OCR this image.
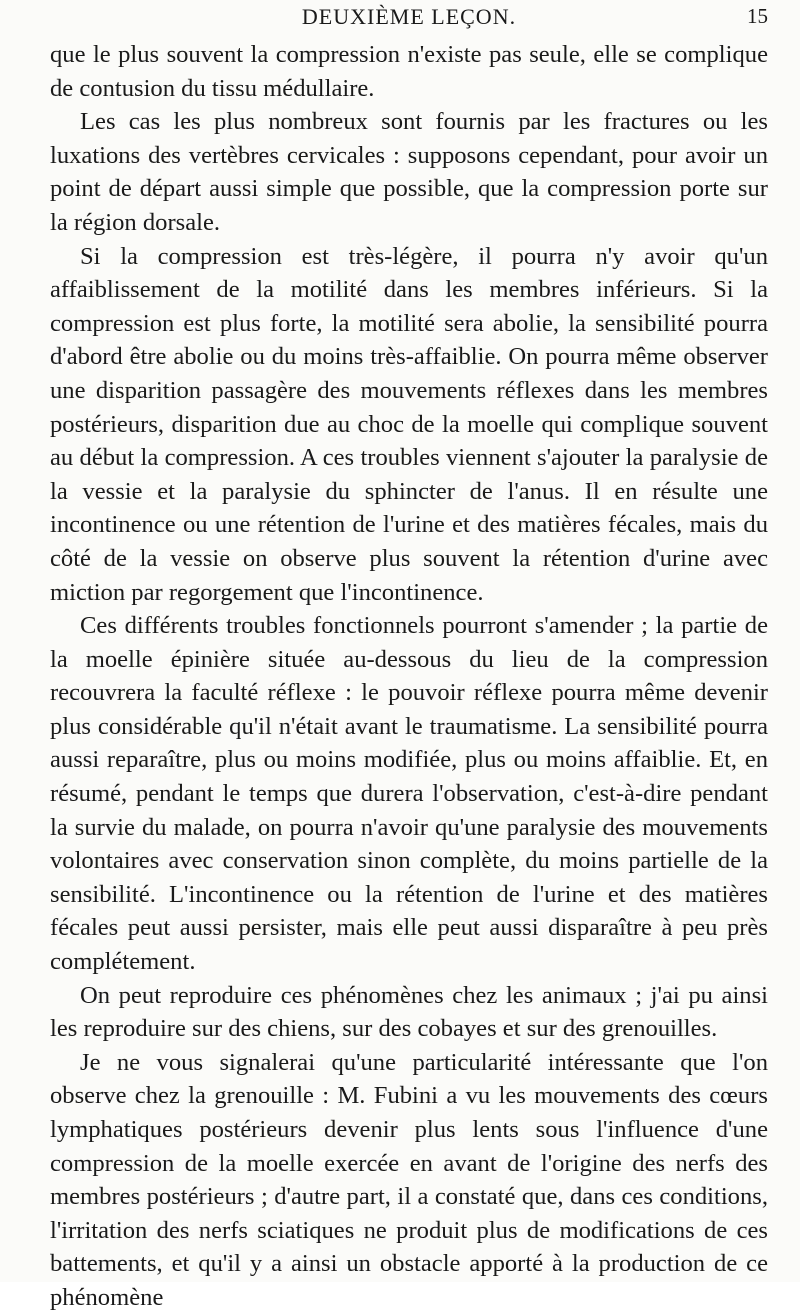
DEUXIÈME LEÇON.	15

que le plus souvent la compression n'existe pas seule, elle se complique de contusion du tissu médullaire.

Les cas les plus nombreux sont fournis par les fractures ou les luxations des vertèbres cervicales : supposons cependant, pour avoir un point de départ aussi simple que possible, que la compression porte sur la région dorsale.

Si la compression est très-légère, il pourra n'y avoir qu'un affaiblissement de la motilité dans les membres inférieurs. Si la compression est plus forte, la motilité sera abolie, la sensibilité pourra d'abord être abolie ou du moins très-affaiblie. On pourra même observer une disparition passagère des mouvements réflexes dans les membres postérieurs, disparition due au choc de la moelle qui complique souvent au début la compression. A ces troubles viennent s'ajouter la paralysie de la vessie et la paralysie du sphincter de l'anus. Il en résulte une incontinence ou une rétention de l'urine et des matières fécales, mais du côté de la vessie on observe plus souvent la rétention d'urine avec miction par regorgement que l'incontinence.

Ces différents troubles fonctionnels pourront s'amender ; la partie de la moelle épinière située au-dessous du lieu de la compression recouvrera la faculté réflexe : le pouvoir réflexe pourra même devenir plus considérable qu'il n'était avant le traumatisme. La sensibilité pourra aussi reparaître, plus ou moins modifiée, plus ou moins affaiblie. Et, en résumé, pendant le temps que durera l'observation, c'est-à-dire pendant la survie du malade, on pourra n'avoir qu'une paralysie des mouvements volontaires avec conservation sinon complète, du moins partielle de la sensibilité. L'incontinence ou la rétention de l'urine et des matières fécales peut aussi persister, mais elle peut aussi disparaître à peu près complétement.

On peut reproduire ces phénomènes chez les animaux ; j'ai pu ainsi les reproduire sur des chiens, sur des cobayes et sur des grenouilles.

Je ne vous signalerai qu'une particularité intéressante que l'on observe chez la grenouille : M. Fubini a vu les mouvements des cœurs lymphatiques postérieurs devenir plus lents sous l'influence d'une compression de la moelle exercée en avant de l'origine des nerfs des membres postérieurs ; d'autre part, il a constaté que, dans ces conditions, l'irritation des nerfs sciatiques ne produit plus de modifications de ces battements, et qu'il y a ainsi un obstacle apporté à la production de ce phénomène
